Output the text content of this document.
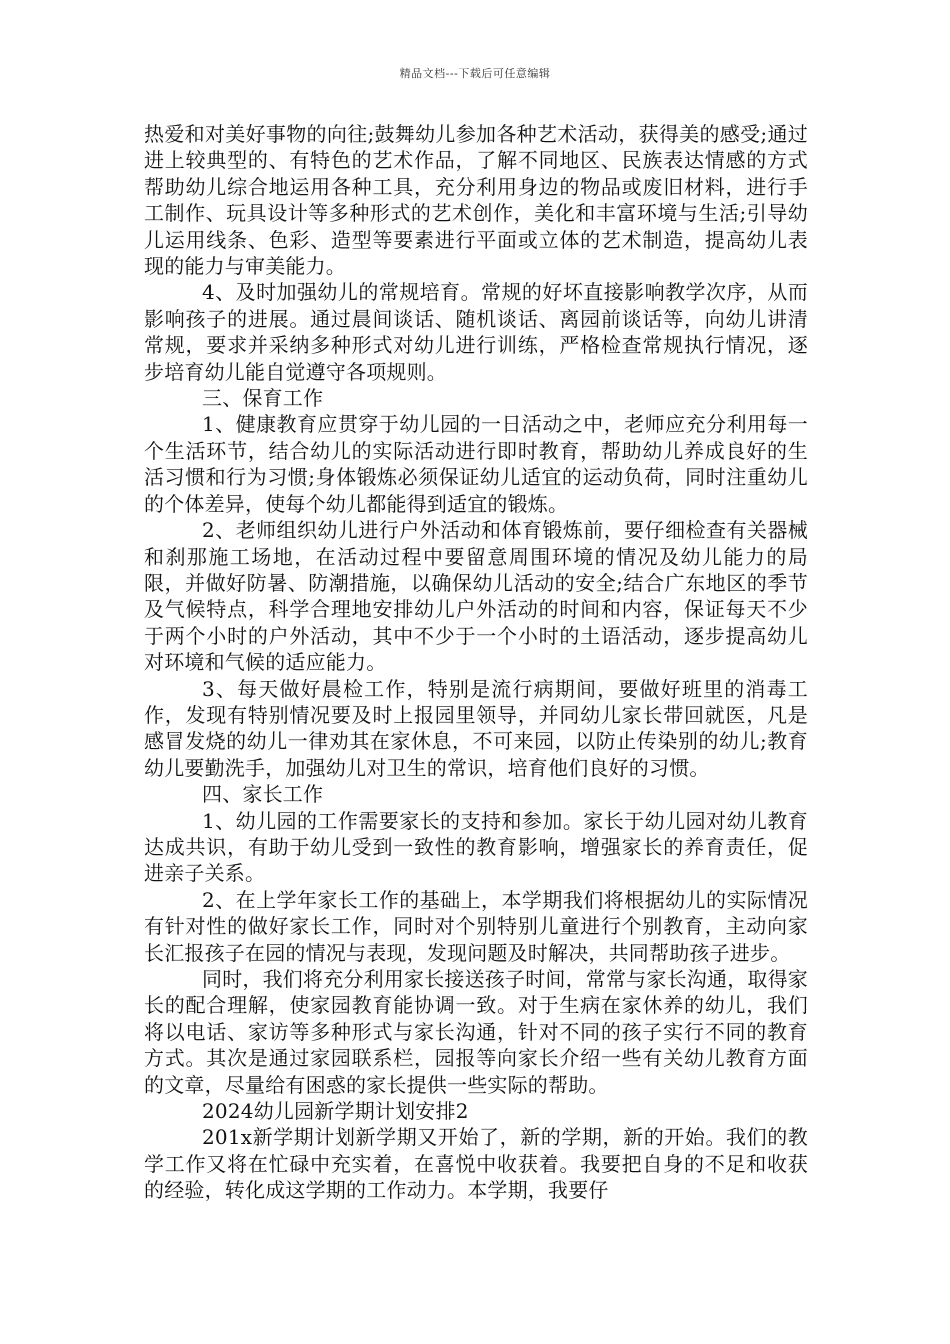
精品文档---下载后可任意编辑

热爱和对美好事物的向往;鼓舞幼儿参加各种艺术活动，获得美的感受;通过进上较典型的、有特色的艺术作品，了解不同地区、民族表达情感的方式帮助幼儿综合地运用各种工具，充分利用身边的物品或废旧材料，进行手工制作、玩具设计等多种形式的艺术创作，美化和丰富环境与生活;引导幼儿运用线条、色彩、造型等要素进行平面或立体的艺术制造，提高幼儿表现的能力与审美能力。

4、及时加强幼儿的常规培育。常规的好坏直接影响教学次序，从而影响孩子的进展。通过晨间谈话、随机谈话、离园前谈话等，向幼儿讲清常规，要求并采纳多种形式对幼儿进行训练，严格检查常规执行情况，逐步培育幼儿能自觉遵守各项规则。

三、保育工作

1、健康教育应贯穿于幼儿园的一日活动之中，老师应充分利用每一个生活环节，结合幼儿的实际活动进行即时教育，帮助幼儿养成良好的生活习惯和行为习惯;身体锻炼必须保证幼儿适宜的运动负荷，同时注重幼儿的个体差异，使每个幼儿都能得到适宜的锻炼。

2、老师组织幼儿进行户外活动和体育锻炼前，要仔细检查有关器械和刹那施工场地，在活动过程中要留意周围环境的情况及幼儿能力的局限，并做好防暑、防潮措施，以确保幼儿活动的安全;结合广东地区的季节及气候特点，科学合理地安排幼儿户外活动的时间和内容，保证每天不少于两个小时的户外活动，其中不少于一个小时的土语活动，逐步提高幼儿对环境和气候的适应能力。

3、每天做好晨检工作，特别是流行病期间，要做好班里的消毒工作，发现有特别情况要及时上报园里领导，并同幼儿家长带回就医，凡是感冒发烧的幼儿一律劝其在家休息，不可来园，以防止传染别的幼儿;教育幼儿要勤洗手，加强幼儿对卫生的常识，培育他们良好的习惯。

四、家长工作

1、幼儿园的工作需要家长的支持和参加。家长于幼儿园对幼儿教育达成共识，有助于幼儿受到一致性的教育影响，增强家长的养育责任，促进亲子关系。

2、在上学年家长工作的基础上，本学期我们将根据幼儿的实际情况有针对性的做好家长工作，同时对个别特别儿童进行个别教育，主动向家长汇报孩子在园的情况与表现，发现问题及时解决，共同帮助孩子进步。

同时，我们将充分利用家长接送孩子时间，常常与家长沟通，取得家长的配合理解，使家园教育能协调一致。对于生病在家休养的幼儿，我们将以电话、家访等多种形式与家长沟通，针对不同的孩子实行不同的教育方式。其次是通过家园联系栏，园报等向家长介绍一些有关幼儿教育方面的文章，尽量给有困惑的家长提供一些实际的帮助。

2024幼儿园新学期计划安排2

201x新学期计划新学期又开始了，新的学期，新的开始。我们的教学工作又将在忙碌中充实着，在喜悦中收获着。我要把自身的不足和收获的经验，转化成这学期的工作动力。本学期，我要仔
